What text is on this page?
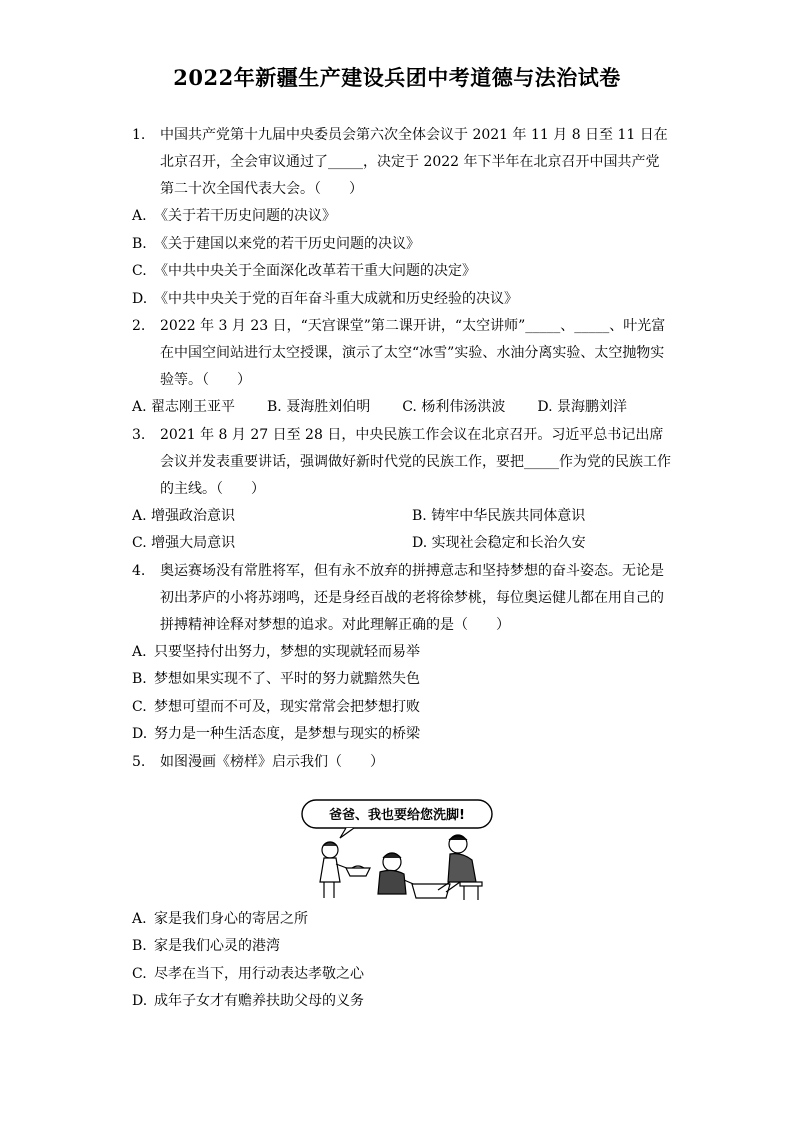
2022年新疆生产建设兵团中考道德与法治试卷
1.	中国共产党第十九届中央委员会第六次全体会议于 2021 年 11 月 8 日至 11 日在北京召开，全会审议通过了_____，决定于 2022 年下半年在北京召开中国共产党第二十次全国代表大会。（　　）
A. 《关于若干历史问题的决议》
B. 《关于建国以来党的若干历史问题的决议》
C. 《中共中央关于全面深化改革若干重大问题的决定》
D. 《中共中央关于党的百年奋斗重大成就和历史经验的决议》
2.	2022 年 3 月 23 日，“天宫课堂”第二课开讲，“太空讲师”_____、_____、叶光富在中国空间站进行太空授课，演示了太空“冰雪”实验、水油分离实验、太空抛物实验等。（　　）
A. 翟志刚王亚平 B. 聂海胜刘伯明 C. 杨利伟汤洪波 D. 景海鹏刘洋
3.	2021 年 8 月 27 日至 28 日，中央民族工作会议在北京召开。习近平总书记出席会议并发表重要讲话，强调做好新时代党的民族工作，要把_____作为党的民族工作的主线。（　　）
A. 增强政治意识	B. 铸牢中华民族共同体意识
C. 增强大局意识	D. 实现社会稳定和长治久安
4.	奥运赛场没有常胜将军，但有永不放弃的拼搏意志和坚持梦想的奋斗姿态。无论是初出茅庐的小将苏翊鸣，还是身经百战的老将徐梦桃，每位奥运健儿都在用自己的拼搏精神诠释对梦想的追求。对此理解正确的是（　　）
A. 只要坚持付出努力，梦想的实现就轻而易举
B. 梦想如果实现不了、平时的努力就黯然失色
C. 梦想可望而不可及，现实常常会把梦想打败
D. 努力是一种生活态度，是梦想与现实的桥梁
5.	如图漫画《榜样》启示我们（　　）
爸爸、我也要给您洗脚!
A. 家是我们身心的寄居之所
B. 家是我们心灵的港湾
C. 尽孝在当下，用行动表达孝敬之心
D. 成年子女才有赡养扶助父母的义务
